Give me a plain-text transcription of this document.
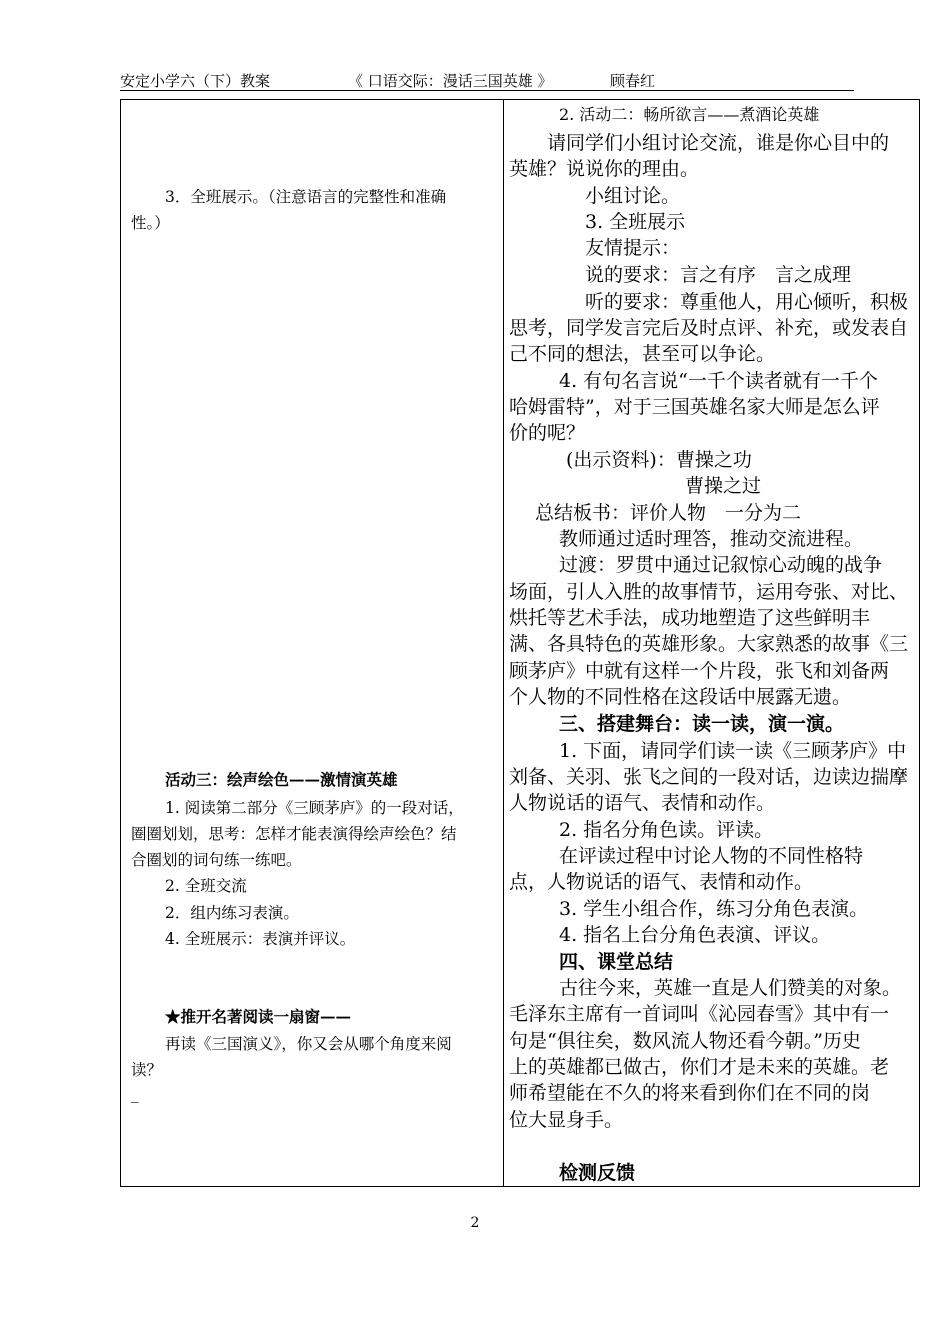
安定小学六（下）教案	《 口语交际：漫话三国英雄 》	顾春红
3．全班展示。（注意语言的完整性和准确
性。）
活动三：绘声绘色——激情演英雄
1. 阅读第二部分《三顾茅庐》的一段对话，
圈圈划划，思考：怎样才能表演得绘声绘色？结
合圈划的词句练一练吧。
2. 全班交流
2．组内练习表演。
4. 全班展示：表演并评议。
★推开名著阅读一扇窗——
再读《三国演义》，你又会从哪个角度来阅
读？
_
2. 活动二：畅所欲言——煮酒论英雄
请同学们小组讨论交流，谁是你心目中的
英雄？说说你的理由。
小组讨论。
3. 全班展示
友情提示：
说的要求：言之有序　言之成理
听的要求：尊重他人，用心倾听，积极
思考，同学发言完后及时点评、补充，或发表自
己不同的想法，甚至可以争论。
4. 有句名言说“一千个读者就有一千个
哈姆雷特”，对于三国英雄名家大师是怎么评
价的呢？
(出示资料)：曹操之功
曹操之过
总结板书：评价人物　一分为二
教师通过适时理答，推动交流进程。
过渡：罗贯中通过记叙惊心动魄的战争
场面，引人入胜的故事情节，运用夸张、对比、
烘托等艺术手法，成功地塑造了这些鲜明丰
满、各具特色的英雄形象。大家熟悉的故事《三
顾茅庐》中就有这样一个片段，张飞和刘备两
个人物的不同性格在这段话中展露无遗。
三、搭建舞台：读一读，演一演。
1. 下面，请同学们读一读《三顾茅庐》中
刘备、关羽、张飞之间的一段对话，边读边揣摩
人物说话的语气、表情和动作。
2. 指名分角色读。评读。
在评读过程中讨论人物的不同性格特
点，人物说话的语气、表情和动作。
3. 学生小组合作，练习分角色表演。
4. 指名上台分角色表演、评议。
四、课堂总结
古往今来，英雄一直是人们赞美的对象。
毛泽东主席有一首词叫《沁园春雪》其中有一
句是“俱往矣，数风流人物还看今朝。”历史
上的英雄都已做古，你们才是未来的英雄。老
师希望能在不久的将来看到你们在不同的岗
位大显身手。
检测反馈
2
